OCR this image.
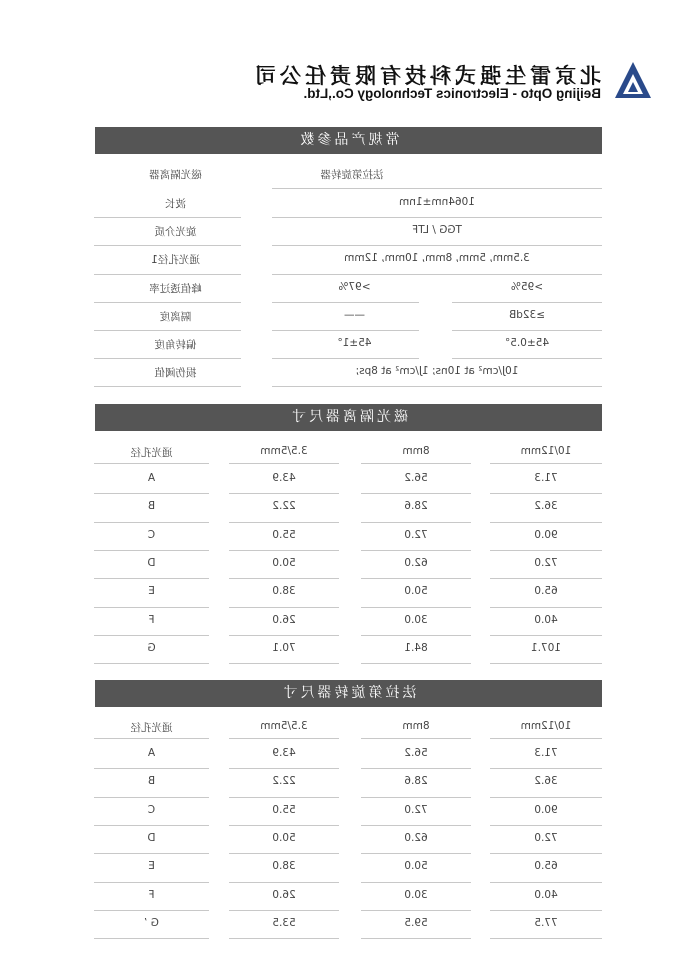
北京雷生强式科技有限责任公司
Beijing Opto - Electronics Technology Co.,Ltd.
常规产品参数
法拉第旋转器
磁光隔离器
磁光隔离器尺寸
法拉第旋转器尺寸
波长	1064nm±1nm
旋光介质	TGG / LTF
通光孔径1	3.5mm, 5mm, 8mm, 10mm, 12mm
峰值透过率	>97%	>95%
隔离度	——	≥32dB
偏转角度	45±1°	45±0.5°
损伤阈值	10J/cm² at 10ns; 1J/cm² at 8ps;
通光孔径	3.5/5mm	8mm	10/12mm
A	43.9	56.2	71.3
B	22.2	28.6	36.2
C	55.0	72.0	90.0
D	50.0	62.0	72.0
E	38.0	50.0	65.0
F	26.0	30.0	40.0
G	70.1	84.1	107.1
通光孔径	3.5/5mm	8mm	10/12mm
A	43.9	56.2	71.3
B	22.2	28.6	36.2
C	55.0	72.0	90.0
D	50.0	62.0	72.0
E	38.0	50.0	65.0
F	26.0	30.0	40.0
G ’	53.5	59.5	77.5
